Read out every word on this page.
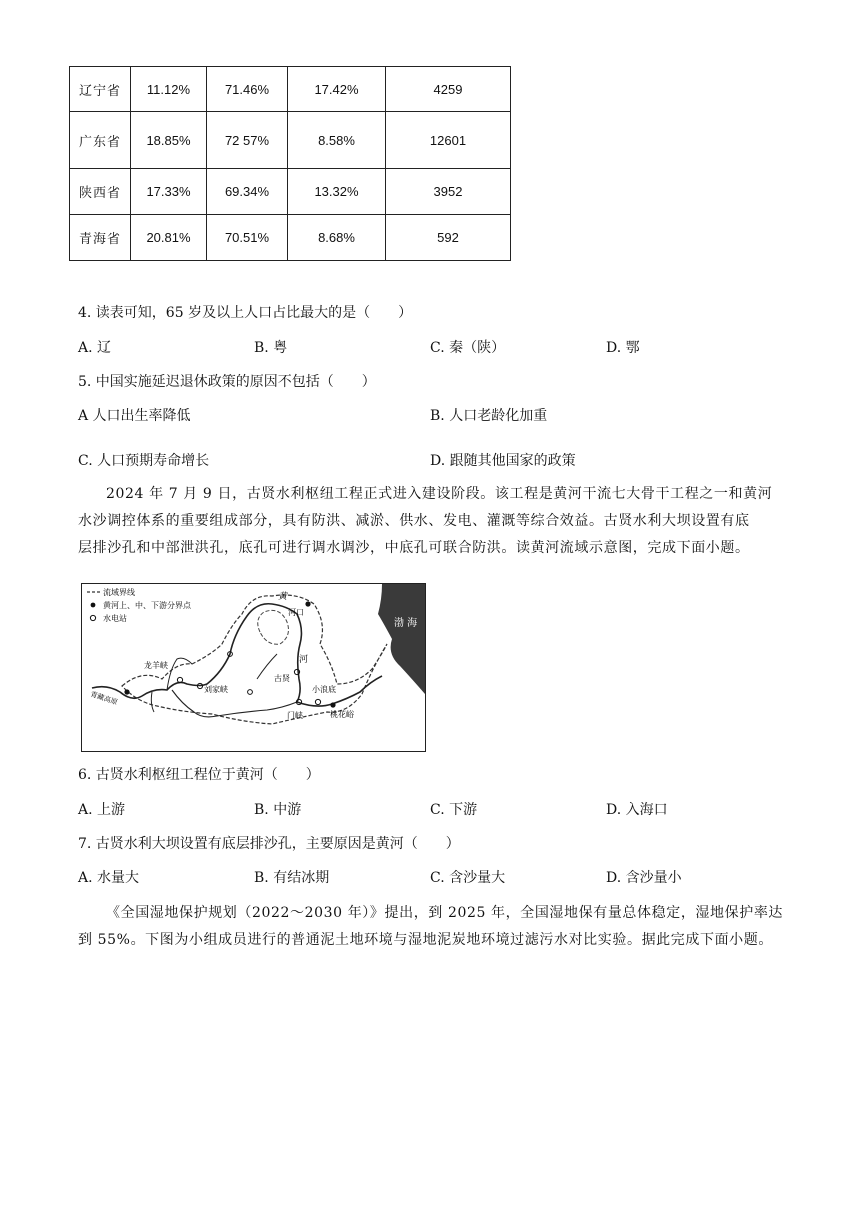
辽宁省	11.12%	71.46%	17.42%	4259
广东省	18.85%	72 57%	8.58%	12601
陕西省	17.33%	69.34%	13.32%	3952
青海省	20.81%	70.51%	8.68%	592
4. 读表可知，65 岁及以上人口占比最大的是（　　）
A. 辽	B. 粤	C. 秦（陕）	D. 鄂
5. 中国实施延迟退休政策的原因不包括（　　）
A 人口出生率降低	B. 人口老龄化加重
C. 人口预期寿命增长	D. 跟随其他国家的政策
2024 年 7 月 9 日，古贤水利枢纽工程正式进入建设阶段。该工程是黄河干流七大骨干工程之一和黄河
水沙调控体系的重要组成部分，具有防洪、减淤、供水、发电、灌溉等综合效益。古贤水利大坝设置有底
层排沙孔和中部泄洪孔，底孔可进行调水调沙，中底孔可联合防洪。读黄河流域示意图，完成下面小题。
流域界线
黄河上、中、下游分界点
水电站
黄
河口
河
古贤
小浪底
龙羊峡
刘家峡
门峡	桃花峪
渤 海
青藏高原
6. 古贤水利枢纽工程位于黄河（　　）
A. 上游	B. 中游	C. 下游	D. 入海口
7. 古贤水利大坝设置有底层排沙孔，主要原因是黄河（　　）
A. 水量大	B. 有结冰期	C. 含沙量大	D. 含沙量小
《全国湿地保护规划（2022～2030 年）》提出，到 2025 年，全国湿地保有量总体稳定，湿地保护率达
到 55%。下图为小组成员进行的普通泥土地环境与湿地泥炭地环境过滤污水对比实验。据此完成下面小题。
